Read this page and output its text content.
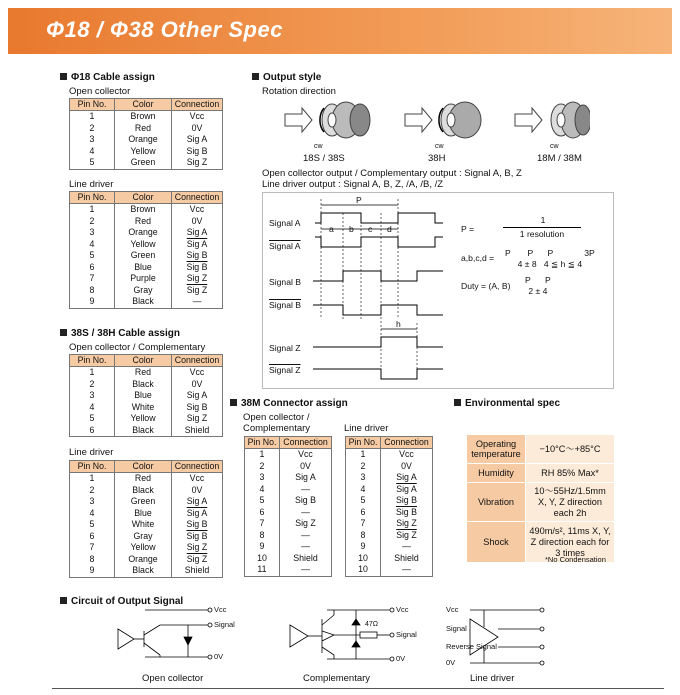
Φ18 / Φ38 Other Spec
Φ18 Cable assign
Open collector
Pin No.	Color	Connection
1	Brown	Vcc
2	Red	0V
3	Orange	Sig A
4	Yellow	Sig B
5	Green	Sig Z
Line driver
Pin No.	Color	Connection
1	Brown	Vcc
2	Red	0V
3	Orange	Sig A
4	Yellow	Sig A
5	Green	Sig B
6	Blue	Sig B
7	Purple	Sig Z
8	Gray	Sig Z
9	Black	—
38S / 38H Cable assign
Open collector / Complementary
Pin No.	Color	Connection
1	Red	Vcc
2	Black	0V
3	Blue	Sig A
4	White	Sig B
5	Yellow	Sig Z
6	Black	Shield
Line driver
Pin No.	Color	Connection
1	Red	Vcc
2	Black	0V
3	Green	Sig A
4	Blue	Sig A
5	White	Sig B
6	Gray	Sig B
7	Yellow	Sig Z
8	Orange	Sig Z
9	Black	Shield
Output style
Rotation direction
cw	cw	cw
18S / 38S	38H	18M / 38M
Open collector output / Complementary output : Signal A, B, Z
Line driver output : Signal A, B, Z, /A, /B, /Z
P
a b c d
h
Signal A
Signal A
Signal B
Signal B
Signal Z
Signal Z
P =
1
1 resolution
a,b,c,d = P       P      P             3P
4 ± 8   4 ≦ h ≦ 4
Duty = (A, B)
P      P
2 ± 4
38M Connector assign
Open collector / Complementary	Line driver
Pin No.	Connection
1	Vcc
2	0V
3	Sig A
4	—
5	Sig B
6	—
7	Sig Z
8	—
9	—
10	Shield
11	—
Pin No.	Connection
1	Vcc
2	0V
3	Sig A
4	Sig A
5	Sig B
6	Sig B
7	Sig Z
8	Sig Z
9	—
10	Shield
10	—
Environmental spec
Operating temperature	−10°C〜+85°C
Humidity	RH 85% Max*
Vibration	10〜55Hz/1.5mm X, Y, Z direction each 2h
Shock	490m/s², 11ms X, Y, Z direction each for 3 times
*No Condensation
Circuit of Output Signal
Vcc
Signal
0V
Vcc
Signal
0V
47Ω
Vcc
Signal
Reverse Signal
0V
Open collector	Complementary	Line driver
